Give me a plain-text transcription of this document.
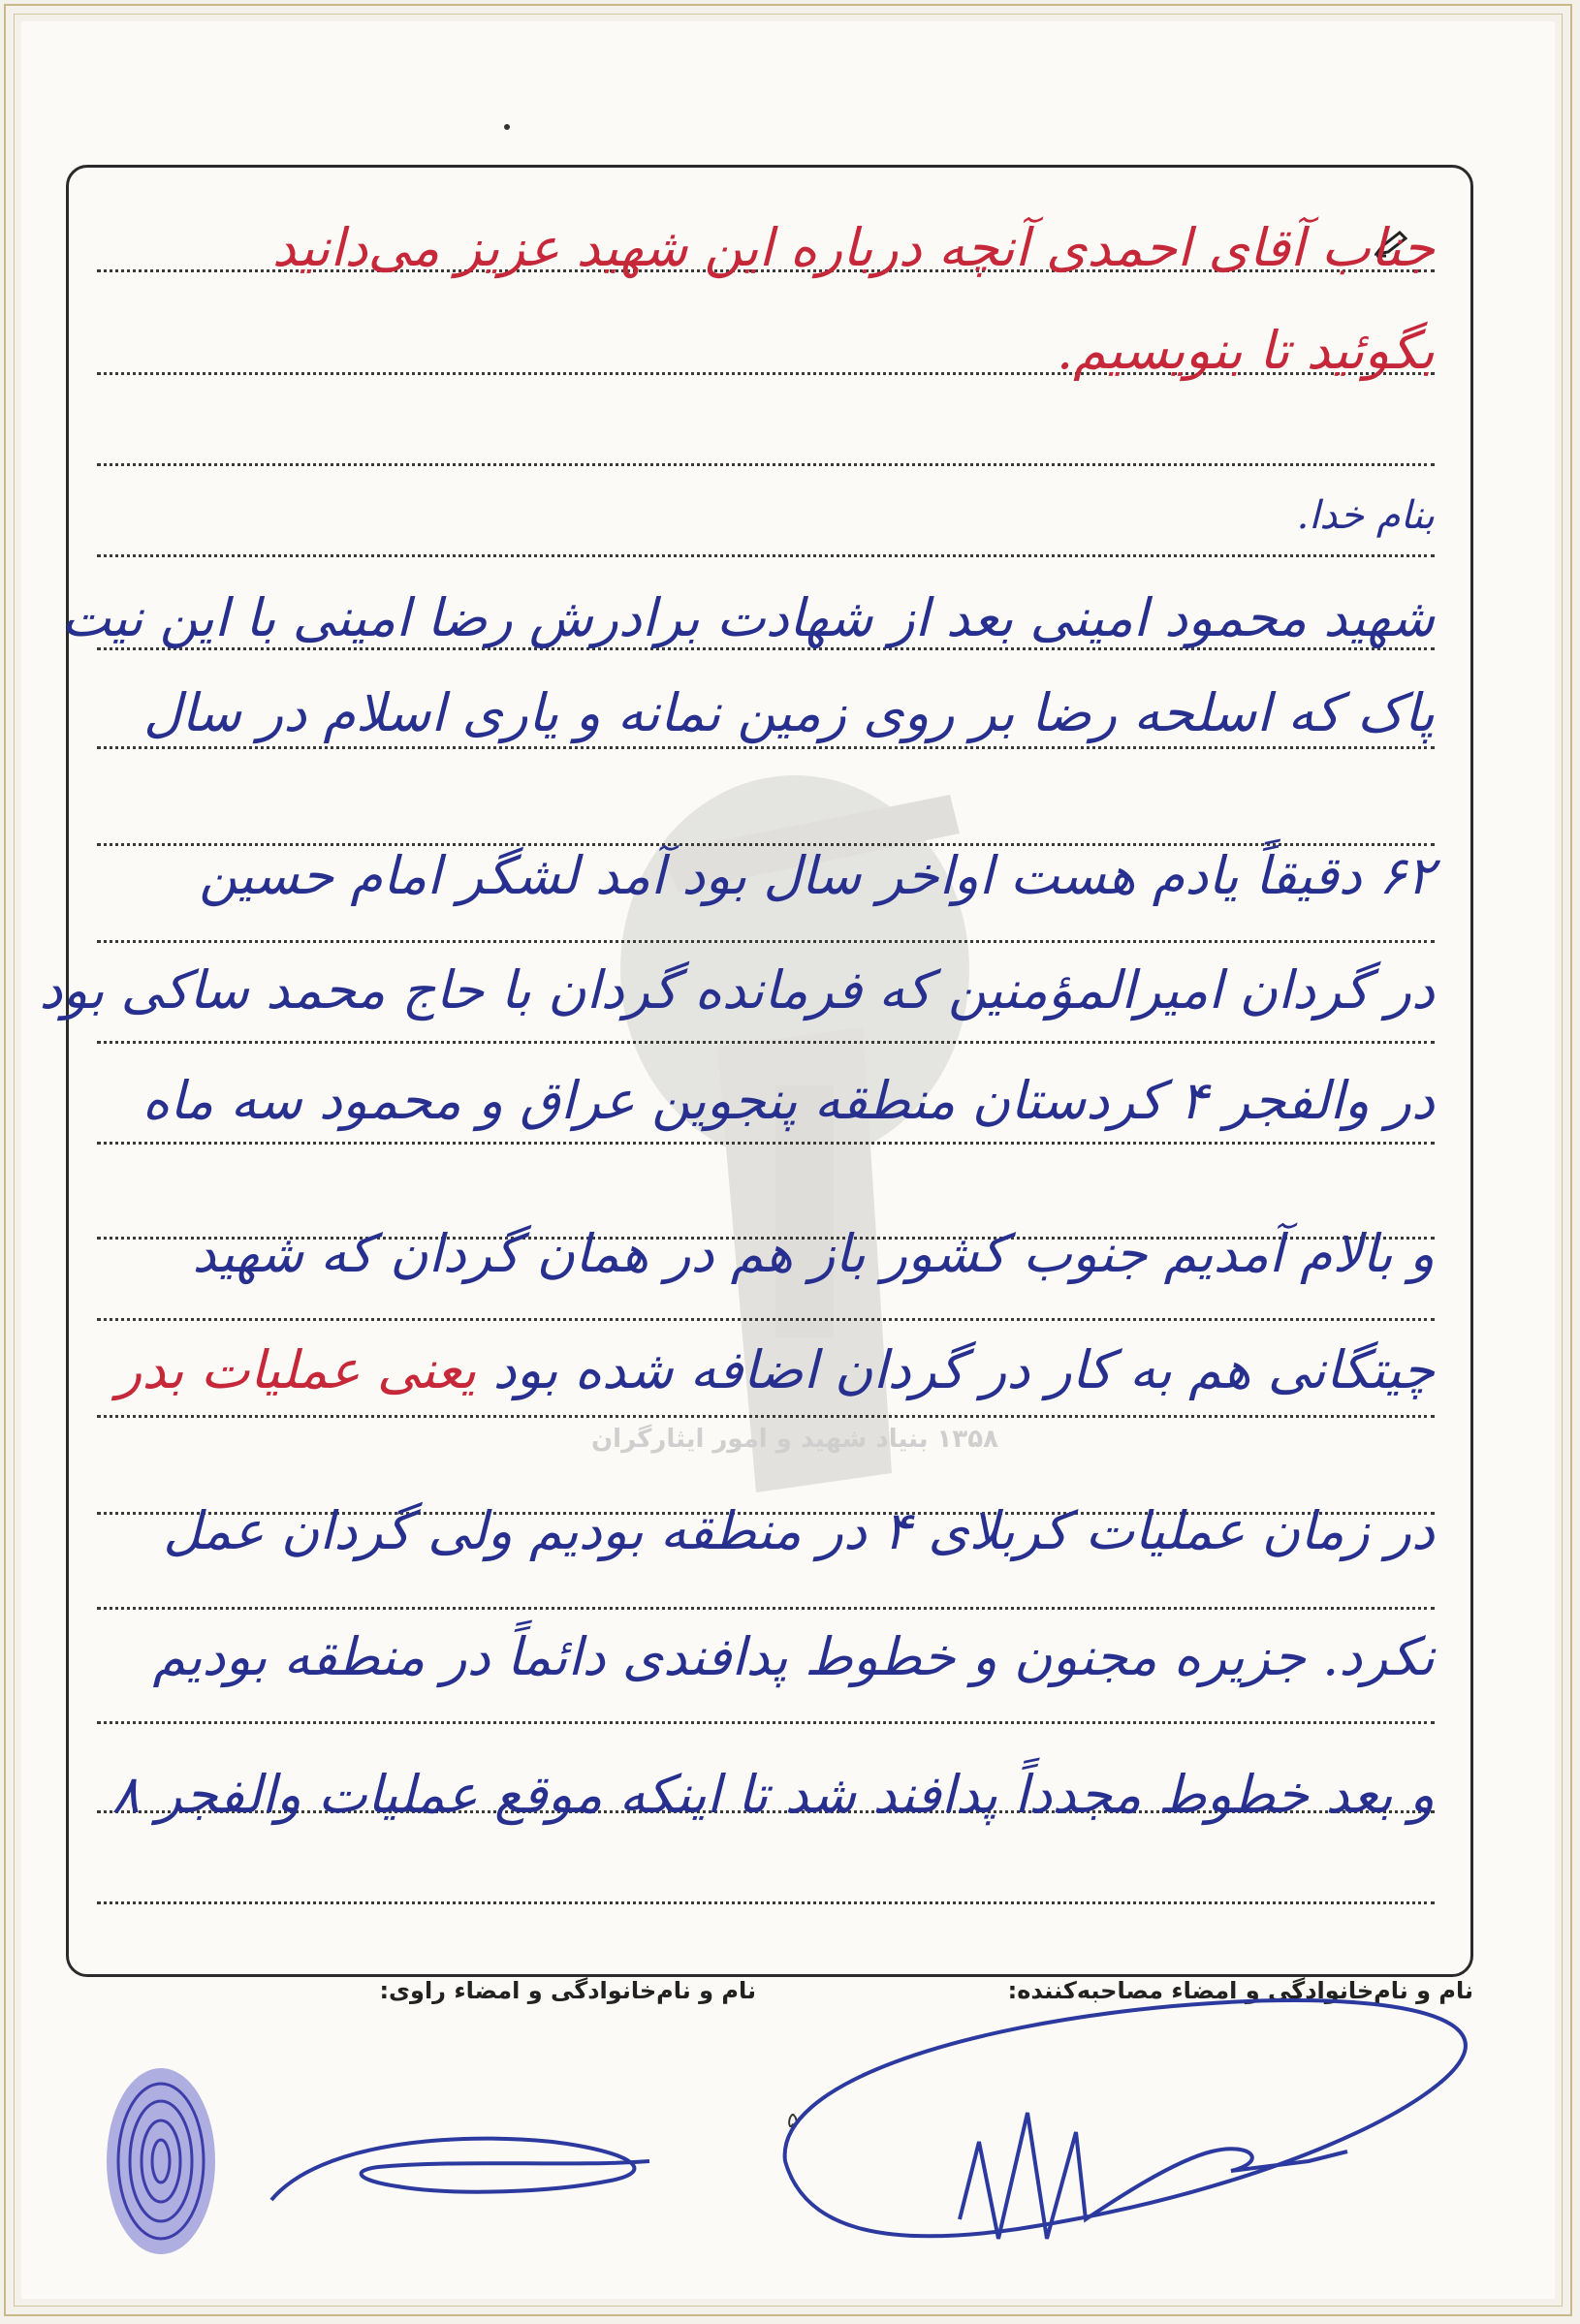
۱۳۵۸ بنیاد شهید و امور ایثارگران
جناب آقای احمدی آنچه درباره این شهید عزیز می‌دانید
بگوئید تا بنویسیم.
بنام خدا.
شهید محمود امینی بعد از شهادت برادرش رضا امینی با این نیت
پاک که اسلحه رضا بر روی زمین نمانه و یاری اسلام در سال
۶۲ دقیقاً یادم هست اواخر سال بود آمد لشگر امام حسین
در گردان امیرالمؤمنین که فرمانده گردان با حاج محمد ساکی بود
در والفجر ۴ کردستان منطقه پنجوین عراق و محمود سه ماه
و بالام آمدیم جنوب کشور باز هم در همان گردان که شهید
چیتگانی هم به کار در گردان اضافه شده بود یعنی عملیات بدر
در زمان عملیات کربلای ۴ در منطقه بودیم ولی گردان عمل
نکرد. جزیره مجنون و خطوط پدافندی دائماً در منطقه بودیم
و بعد خطوط مجدداً پدافند شد تا اینکه موقع عملیات والفجر ۸
نام و نام‌خانوادگی و امضاء مصاحبه‌کننده:
نام و نام‌خانوادگی و امضاء راوی:
۵
